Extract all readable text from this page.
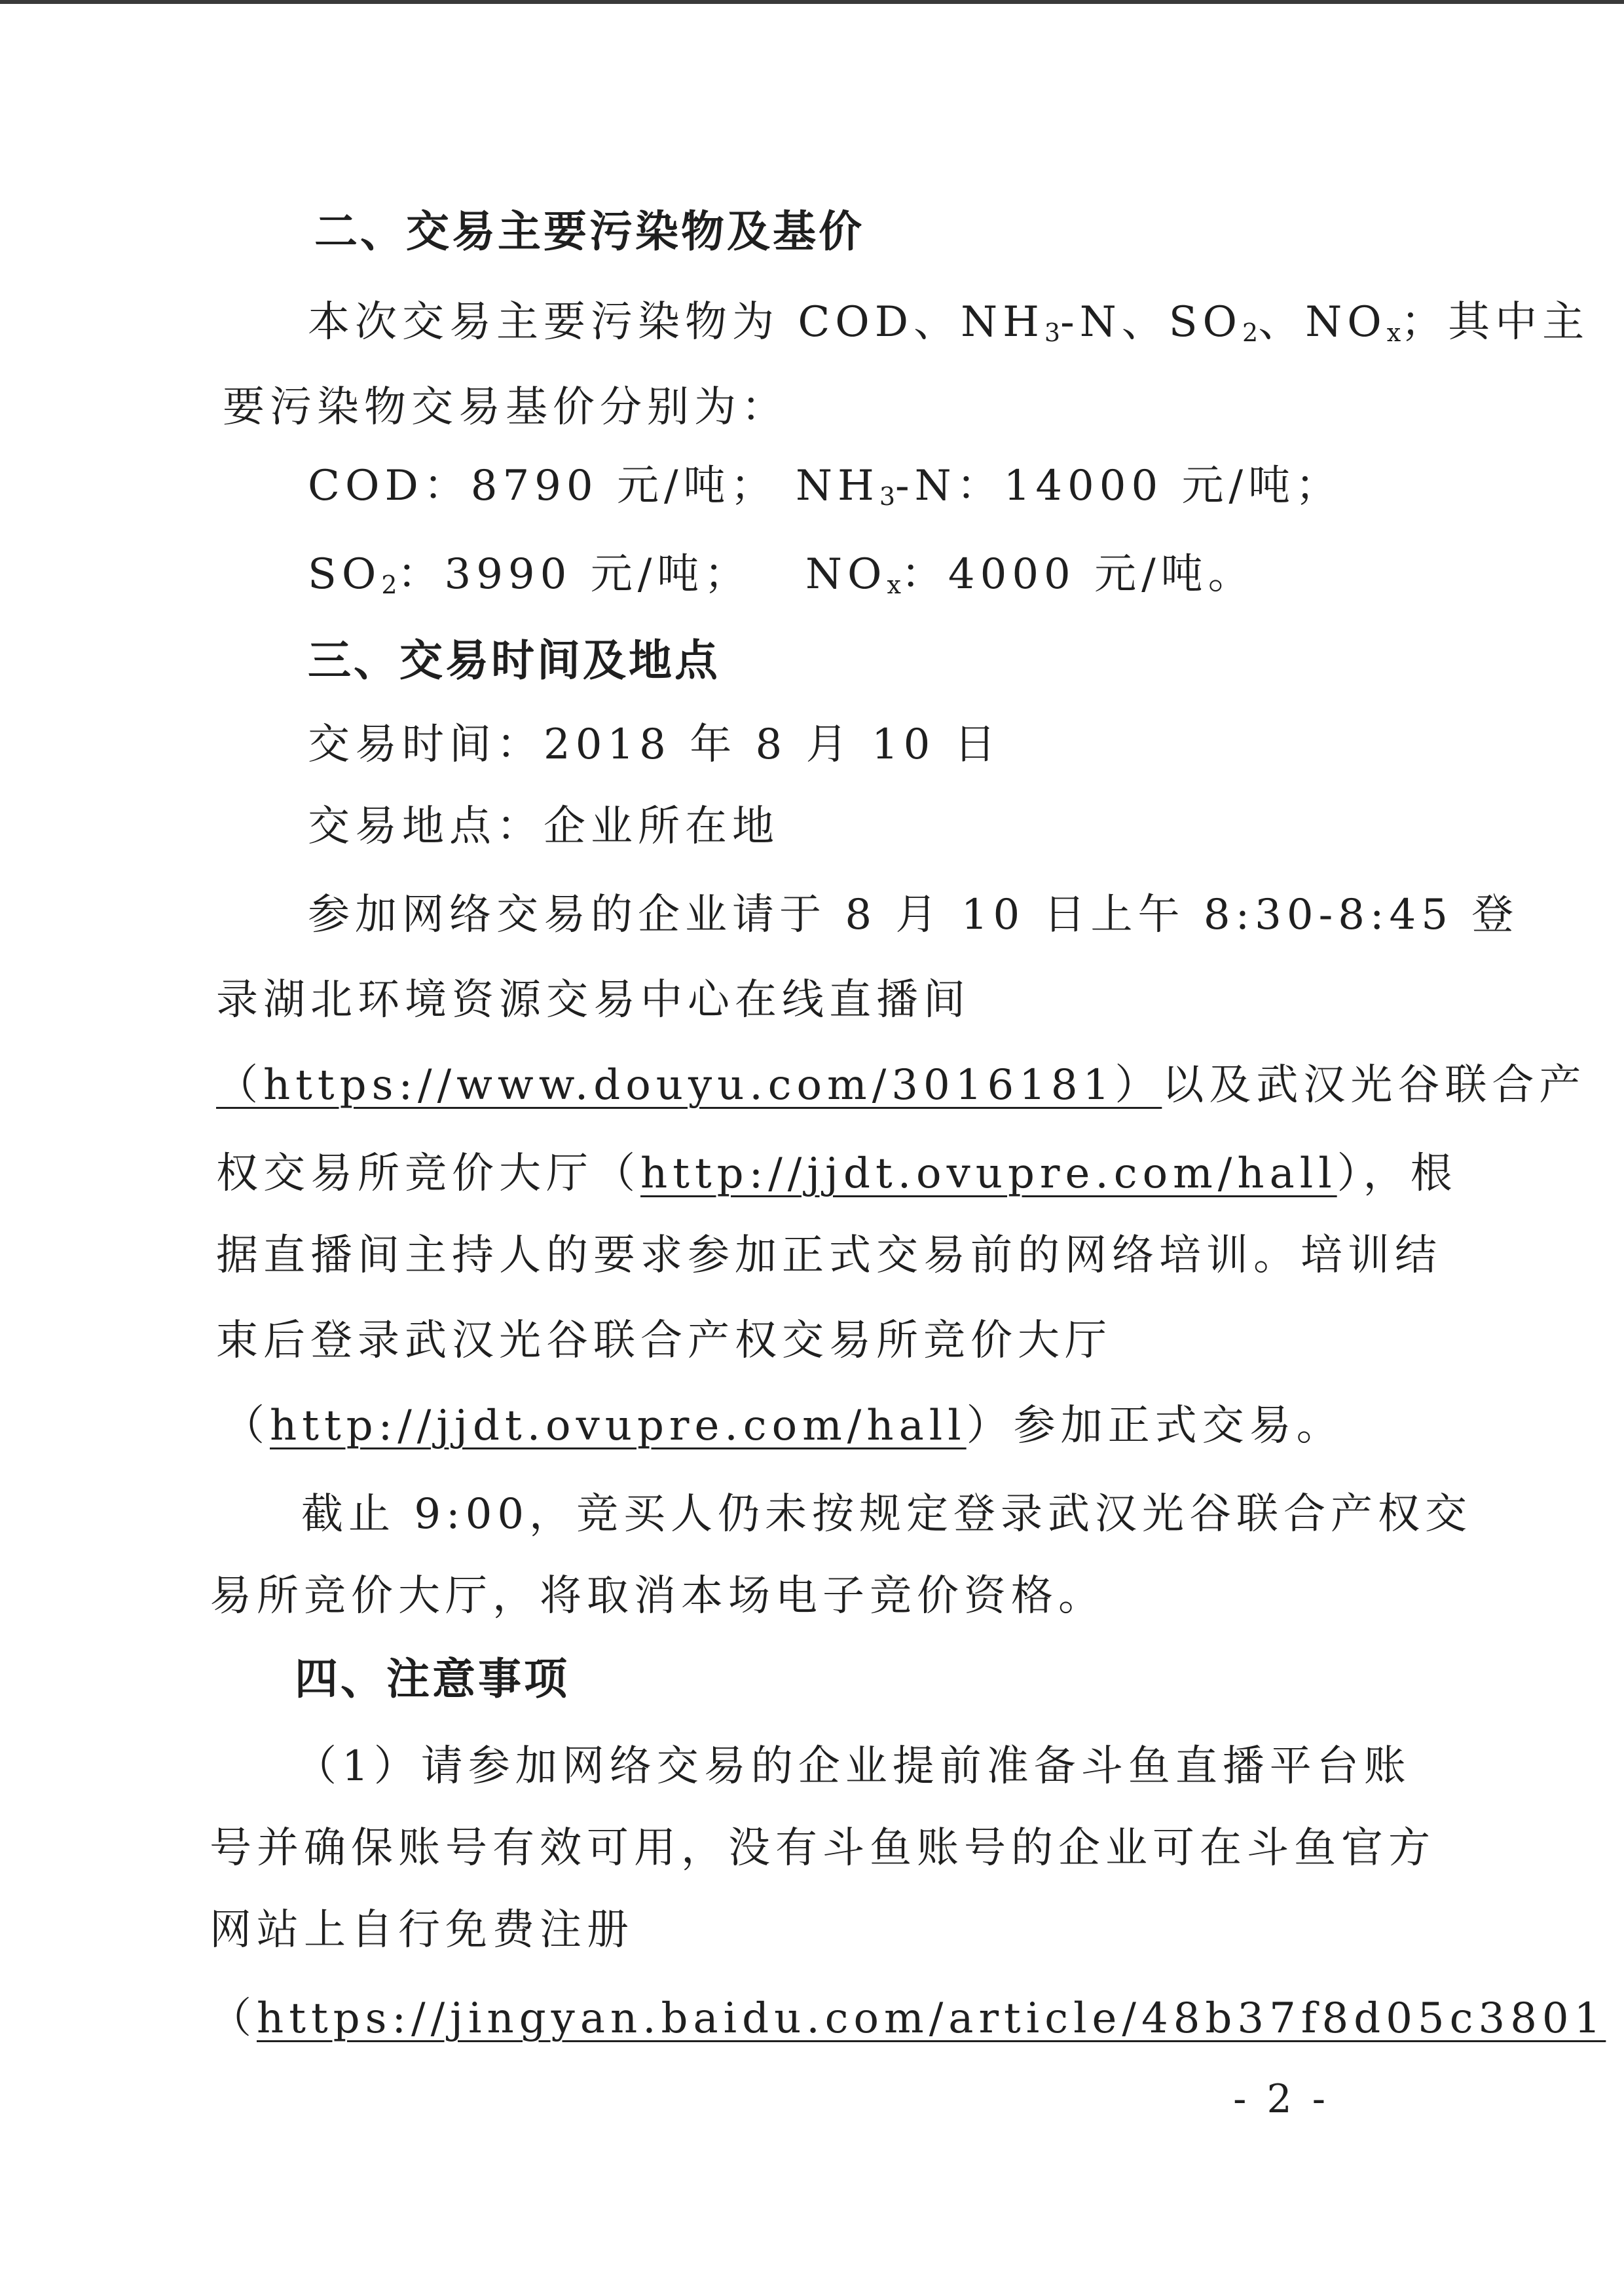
二、交易主要污染物及基价
本次交易主要污染物为 COD、$NH_3-N$、$SO_2$、$NO_x$；其中主
要污染物交易基价分别为：
COD：8790 元/吨； $NH_3-N$：14000 元/吨；
$SO_2$：3990 元/吨； $NO_x$：4000 元/吨。
三、交易时间及地点
交易时间：2018 年 8 月 10 日
交易地点：企业所在地
参加网络交易的企业请于 8 月 10 日上午 8:30-8:45 登
录湖北环境资源交易中心在线直播间
（https://www.douyu.com/3016181）以及武汉光谷联合产
权交易所竞价大厅（http://jjdt.ovupre.com/hall），根
据直播间主持人的要求参加正式交易前的网络培训。培训结
束后登录武汉光谷联合产权交易所竞价大厅
（http://jjdt.ovupre.com/hall）参加正式交易。
截止 9:00，竞买人仍未按规定登录武汉光谷联合产权交
易所竞价大厅，将取消本场电子竞价资格。
四、注意事项
（1）请参加网络交易的企业提前准备斗鱼直播平台账
号并确保账号有效可用，没有斗鱼账号的企业可在斗鱼官方
网站上自行免费注册
（https://jingyan.baidu.com/article/48b37f8d05c3801
- 2 -
